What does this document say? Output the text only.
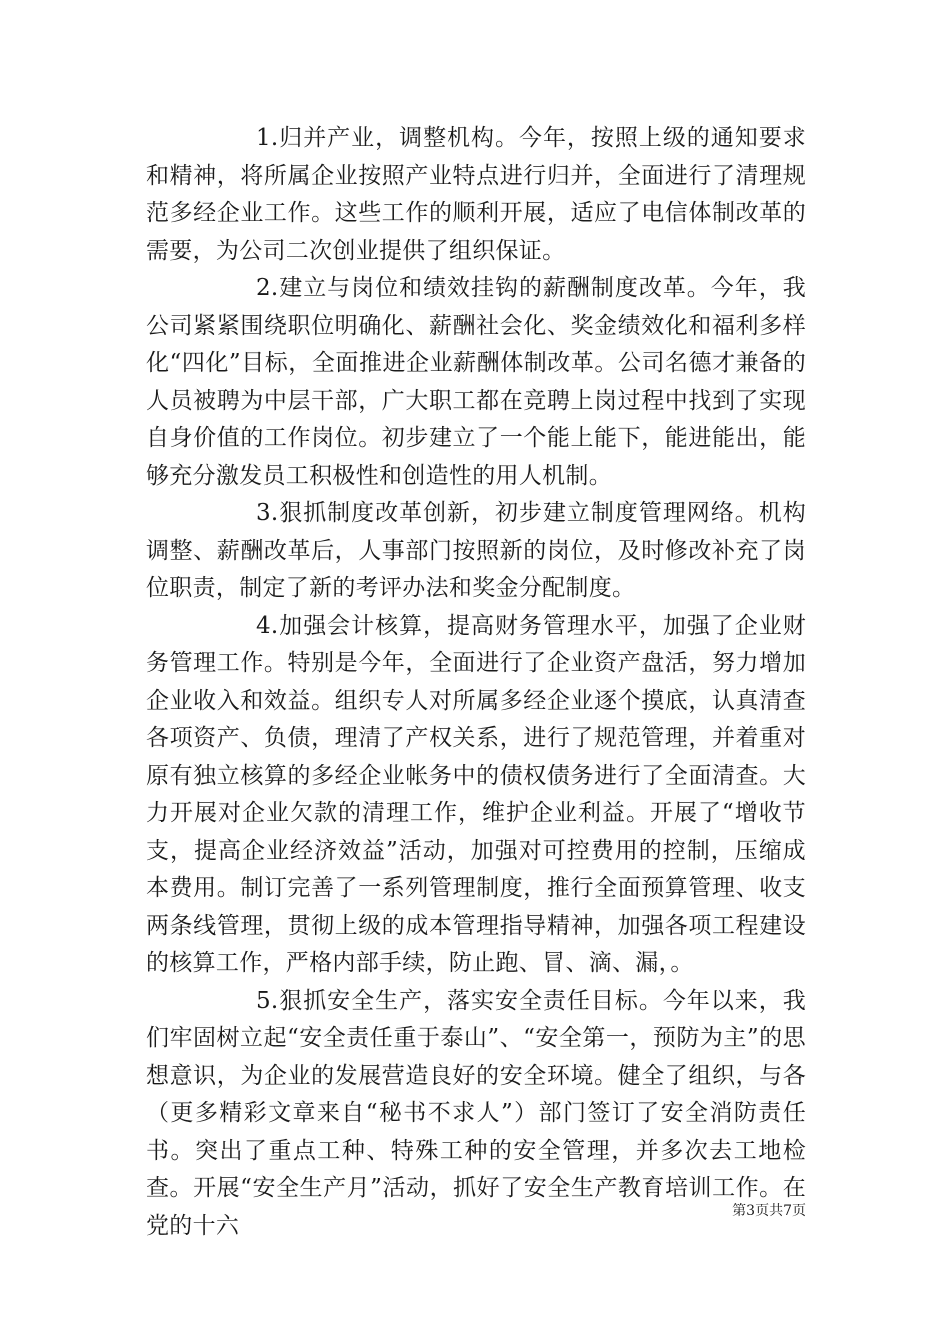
1.归并产业，调整机构。今年，按照上级的通知要求和精神，将所属企业按照产业特点进行归并，全面进行了清理规范多经企业工作。这些工作的顺利开展，适应了电信体制改革的需要，为公司二次创业提供了组织保证。

2.建立与岗位和绩效挂钩的薪酬制度改革。今年，我公司紧紧围绕职位明确化、薪酬社会化、奖金绩效化和福利多样化“四化”目标，全面推进企业薪酬体制改革。公司名德才兼备的人员被聘为中层干部，广大职工都在竞聘上岗过程中找到了实现自身价值的工作岗位。初步建立了一个能上能下，能进能出，能够充分激发员工积极性和创造性的用人机制。

3.狠抓制度改革创新，初步建立制度管理网络。机构调整、薪酬改革后，人事部门按照新的岗位，及时修改补充了岗位职责，制定了新的考评办法和奖金分配制度。

4.加强会计核算，提高财务管理水平，加强了企业财务管理工作。特别是今年，全面进行了企业资产盘活，努力增加企业收入和效益。组织专人对所属多经企业逐个摸底，认真清查各项资产、负债，理清了产权关系，进行了规范管理，并着重对原有独立核算的多经企业帐务中的债权债务进行了全面清查。大力开展对企业欠款的清理工作，维护企业利益。开展了“增收节支，提高企业经济效益”活动，加强对可控费用的控制，压缩成本费用。制订完善了一系列管理制度，推行全面预算管理、收支两条线管理，贯彻上级的成本管理指导精神，加强各项工程建设的核算工作，严格内部手续，防止跑、冒、滴、漏，。

5.狠抓安全生产，落实安全责任目标。今年以来，我们牢固树立起“安全责任重于泰山”、“安全第一，预防为主”的思想意识，为企业的发展营造良好的安全环境。健全了组织，与各（更多精彩文章来自“秘书不求人”）部门签订了安全消防责任书。突出了重点工种、特殊工种的安全管理，并多次去工地检查。开展“安全生产月”活动，抓好了安全生产教育培训工作。在党的十六

第3页共7页
